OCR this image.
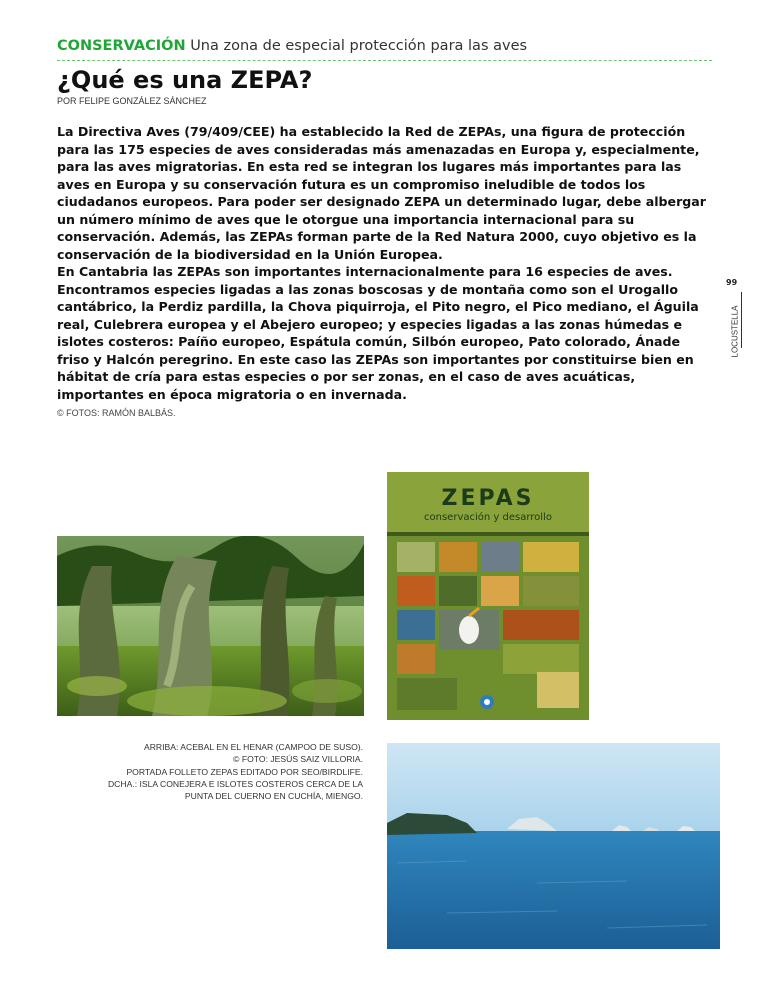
CONSERVACIÓN Una zona de especial protección para las aves
¿Qué es una ZEPA?
POR FELIPE GONZÁLEZ SÁNCHEZ

La Directiva Aves (79/409/CEE) ha establecido la Red de ZEPAs, una figura de protección para las 175 especies de aves consideradas más amenazadas en Europa y, especialmente, para las aves migratorias. En esta red se integran los lugares más importantes para las aves en Europa y su conservación futura es un compromiso ineludible de todos los ciudadanos europeos. Para poder ser designado ZEPA un determinado lugar, debe albergar un número mínimo de aves que le otorgue una importancia internacional para su conservación. Además, las ZEPAs forman parte de la Red Natura 2000, cuyo objetivo es la conservación de la biodiversidad en la Unión Europea.

En Cantabria las ZEPAs son importantes internacionalmente para 16 especies de aves. Encontramos especies ligadas a las zonas boscosas y de montaña como son el Urogallo cantábrico, la Perdiz pardilla, la Chova piquirroja, el Pito negro, el Pico mediano, el Águila real, Culebrera europea y el Abejero europeo; y especies ligadas a las zonas húmedas e islotes costeros: Paíño europeo, Espátula común, Silbón europeo, Pato colorado, Ánade friso y Halcón peregrino. En este caso las ZEPAs son importantes por constituirse bien en hábitat de cría para estas especies o por ser zonas, en el caso de aves acuáticas, importantes en época migratoria o en invernada.

© FOTOS: RAMÓN BALBÁS.
99
LOCUSTELLA
ZEPAS
conservación y desarrollo
ARRIBA: ACEBAL EN EL HENAR (CAMPOO DE SUSO).
© FOTO: JESÚS SAIZ VILLORIA.
PORTADA FOLLETO ZEPAS EDITADO POR SEO/BIRDLIFE.
DCHA.: ISLA CONEJERA E ISLOTES COSTEROS CERCA DE LA
PUNTA DEL CUERNO EN CUCHÍA, MIENGO.
